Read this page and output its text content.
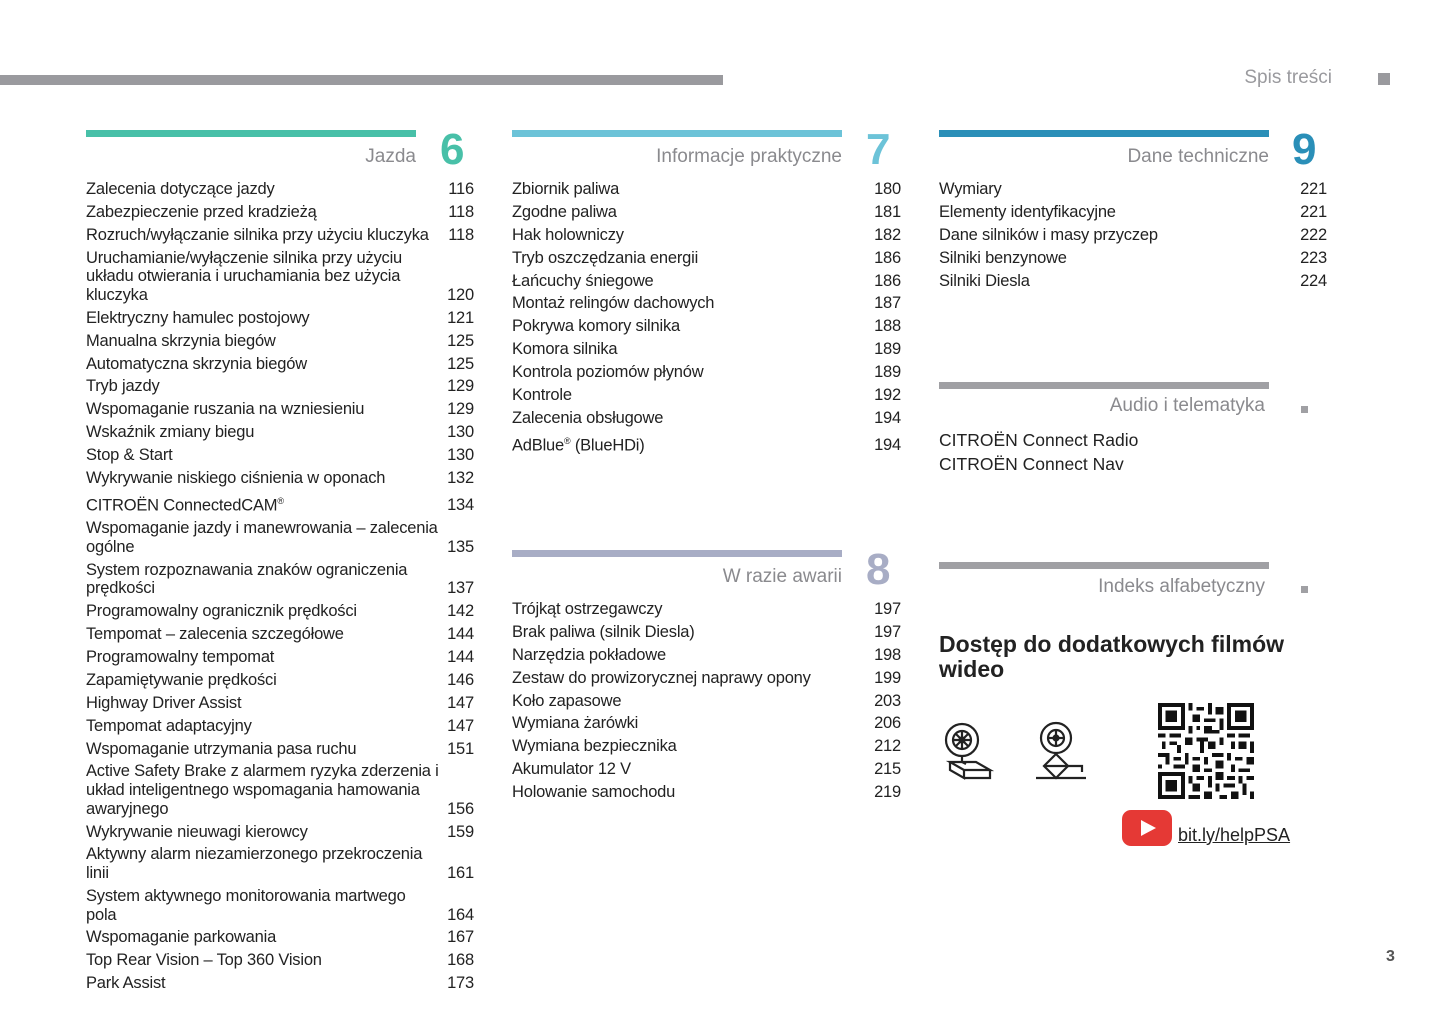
Spis treści
Jazda 6
Zalecenia dotyczące jazdy	116
Zabezpieczenie przed kradzieżą	118
Rozruch/wyłączanie silnika przy użyciu kluczyka	118
Uruchamianie/wyłączenie silnika przy użyciu układu otwierania i uruchamiania bez użycia kluczyka	120
Elektryczny hamulec postojowy	121
Manualna skrzynia biegów	125
Automatyczna skrzynia biegów	125
Tryb jazdy	129
Wspomaganie ruszania na wzniesieniu	129
Wskaźnik zmiany biegu	130
Stop & Start	130
Wykrywanie niskiego ciśnienia w oponach	132
CITROËN ConnectedCAM®	134
Wspomaganie jazdy i manewrowania – zalecenia ogólne	135
System rozpoznawania znaków ograniczenia prędkości	137
Programowalny ogranicznik prędkości	142
Tempomat – zalecenia szczegółowe	144
Programowalny tempomat	144
Zapamiętywanie prędkości	146
Highway Driver Assist	147
Tempomat adaptacyjny	147
Wspomaganie utrzymania pasa ruchu	151
Active Safety Brake z alarmem ryzyka zderzenia i układ inteligentnego wspomagania hamowania awaryjnego	156
Wykrywanie nieuwagi kierowcy	159
Aktywny alarm niezamierzonego przekroczenia linii	161
System aktywnego monitorowania martwego pola	164
Wspomaganie parkowania	167
Top Rear Vision – Top 360 Vision	168
Park Assist	173
Informacje praktyczne 7
Zbiornik paliwa	180
Zgodne paliwa	181
Hak holowniczy	182
Tryb oszczędzania energii	186
Łańcuchy śniegowe	186
Montaż relingów dachowych	187
Pokrywa komory silnika	188
Komora silnika	189
Kontrola poziomów płynów	189
Kontrole	192
Zalecenia obsługowe	194
AdBlue® (BlueHDi)	194
W razie awarii 8
Trójkąt ostrzegawczy	197
Brak paliwa (silnik Diesla)	197
Narzędzia pokładowe	198
Zestaw do prowizorycznej naprawy opony	199
Koło zapasowe	203
Wymiana żarówki	206
Wymiana bezpiecznika	212
Akumulator 12 V	215
Holowanie samochodu	219
Dane techniczne 9
Wymiary	221
Elementy identyfikacyjne	221
Dane silników i masy przyczep	222
Silniki benzynowe	223
Silniki Diesla	224
Audio i telematyka
CITROËN Connect Radio
CITROËN Connect Nav
Indeks alfabetyczny
Dostęp do dodatkowych filmów wideo
bit.ly/helpPSA
3
